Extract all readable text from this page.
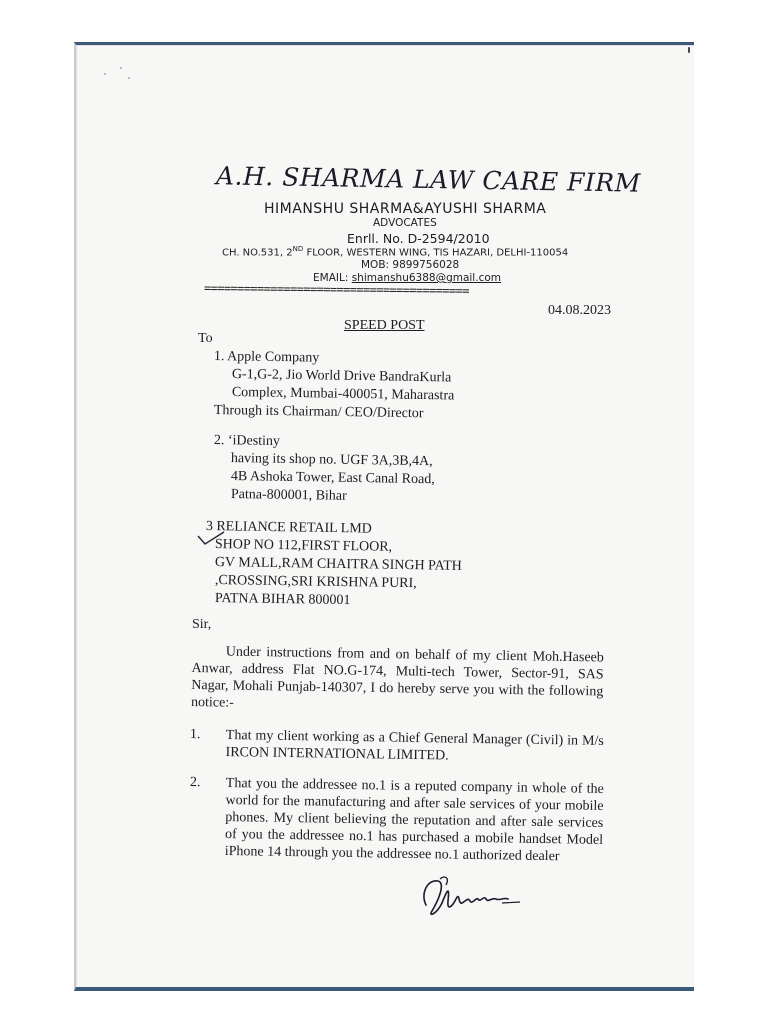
A.H. SHARMA LAW CARE FIRM
HIMANSHU SHARMA&AYUSHI SHARMA
ADVOCATES
Enrll. No. D-2594/2010
CH. NO.531, 2ND FLOOR, WESTERN WING, TIS HAZARI, DELHI-110054
MOB: 9899756028
EMAIL: shimanshu6388@gmail.com
========================================
04.08.2023
SPEED POST
To
1. Apple Company
G-1,G-2, Jio World Drive BandraKurla
Complex, Mumbai-400051, Maharastra
Through its Chairman/ CEO/Director
2. ‘iDestiny
having its shop no. UGF 3A,3B,4A,
4B Ashoka Tower, East Canal Road,
Patna-800001, Bihar
3 RELIANCE RETAIL LMD
SHOP NO 112,FIRST FLOOR,
GV MALL,RAM CHAITRA SINGH PATH
,CROSSING,SRI KRISHNA PURI,
PATNA BIHAR 800001
Sir,
Under instructions from and on behalf of my client Moh.Haseeb Anwar, address Flat NO.G-174, Multi-tech Tower, Sector-91, SAS Nagar, Mohali Punjab-140307, I do hereby serve you with the following notice:-
1. That my client working as a Chief General Manager (Civil) in M/s IRCON INTERNATIONAL LIMITED.
2. That you the addressee no.1 is a reputed company in whole of the world for the manufacturing and after sale services of your mobile phones. My client believing the reputation and after sale services of you the addressee no.1 has purchased a mobile handset Model iPhone 14 through you the addressee no.1 authorized dealer
